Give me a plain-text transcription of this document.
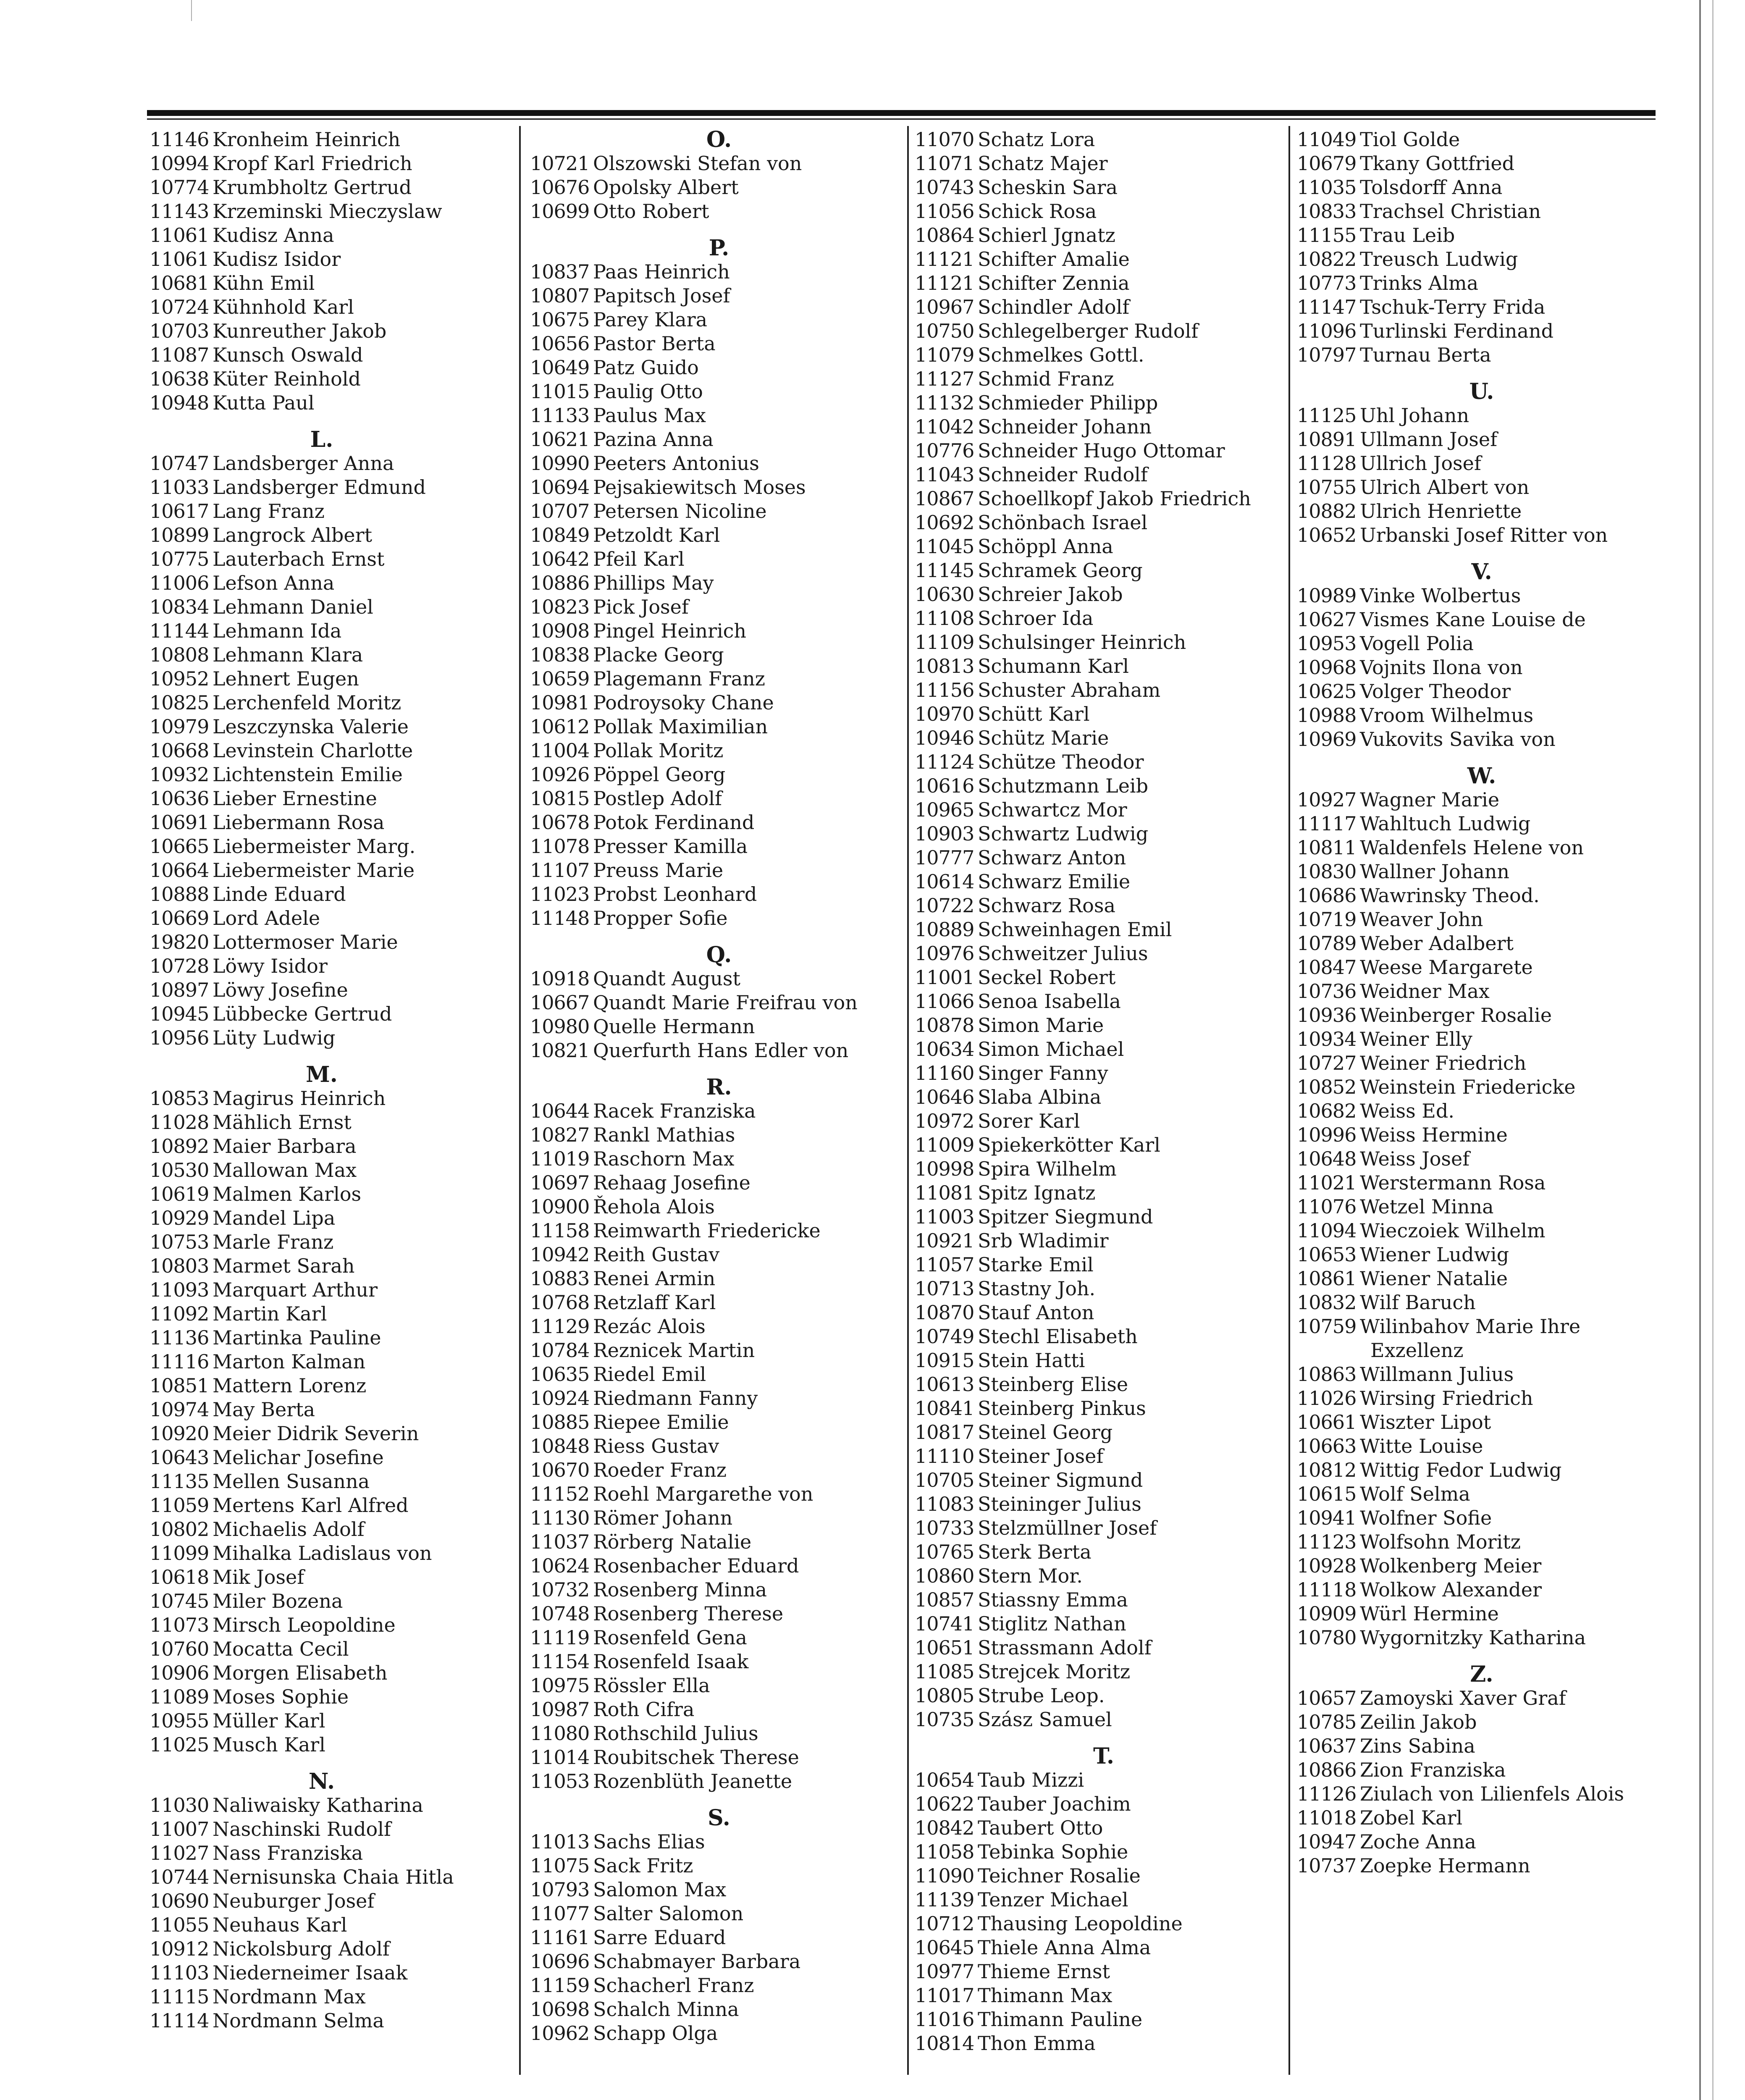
11146 Kronheim Heinrich
10994 Kropf Karl Friedrich
10774 Krumbholtz Gertrud
11143 Krzeminski Mieczyslaw
11061 Kudisz Anna
11061 Kudisz Isidor
10681 Kühn Emil
10724 Kühnhold Karl
10703 Kunreuther Jakob
11087 Kunsch Oswald
10638 Küter Reinhold
10948 Kutta Paul
L.
10747 Landsberger Anna
11033 Landsberger Edmund
10617 Lang Franz
10899 Langrock Albert
10775 Lauterbach Ernst
11006 Lefson Anna
10834 Lehmann Daniel
11144 Lehmann Ida
10808 Lehmann Klara
10952 Lehnert Eugen
10825 Lerchenfeld Moritz
10979 Leszczynska Valerie
10668 Levinstein Charlotte
10932 Lichtenstein Emilie
10636 Lieber Ernestine
10691 Liebermann Rosa
10665 Liebermeister Marg.
10664 Liebermeister Marie
10888 Linde Eduard
10669 Lord Adele
19820 Lottermoser Marie
10728 Löwy Isidor
10897 Löwy Josefine
10945 Lübbecke Gertrud
10956 Lüty Ludwig
M.
10853 Magirus Heinrich
11028 Mählich Ernst
10892 Maier Barbara
10530 Mallowan Max
10619 Malmen Karlos
10929 Mandel Lipa
10753 Marle Franz
10803 Marmet Sarah
11093 Marquart Arthur
11092 Martin Karl
11136 Martinka Pauline
11116 Marton Kalman
10851 Mattern Lorenz
10974 May Berta
10920 Meier Didrik Severin
10643 Melichar Josefine
11135 Mellen Susanna
11059 Mertens Karl Alfred
10802 Michaelis Adolf
11099 Mihalka Ladislaus von
10618 Mik Josef
10745 Miler Bozena
11073 Mirsch Leopoldine
10760 Mocatta Cecil
10906 Morgen Elisabeth
11089 Moses Sophie
10955 Müller Karl
11025 Musch Karl
N.
11030 Naliwaisky Katharina
11007 Naschinski Rudolf
11027 Nass Franziska
10744 Nernisunska Chaia Hitla
10690 Neuburger Josef
11055 Neuhaus Karl
10912 Nickolsburg Adolf
11103 Niederneimer Isaak
11115 Nordmann Max
11114 Nordmann Selma
O.
10721 Olszowski Stefan von
10676 Opolsky Albert
10699 Otto Robert
P.
10837 Paas Heinrich
10807 Papitsch Josef
10675 Parey Klara
10656 Pastor Berta
10649 Patz Guido
11015 Paulig Otto
11133 Paulus Max
10621 Pazina Anna
10990 Peeters Antonius
10694 Pejsakiewitsch Moses
10707 Petersen Nicoline
10849 Petzoldt Karl
10642 Pfeil Karl
10886 Phillips May
10823 Pick Josef
10908 Pingel Heinrich
10838 Placke Georg
10659 Plagemann Franz
10981 Podroysoky Chane
10612 Pollak Maximilian
11004 Pollak Moritz
10926 Pöppel Georg
10815 Postlep Adolf
10678 Potok Ferdinand
11078 Presser Kamilla
11107 Preuss Marie
11023 Probst Leonhard
11148 Propper Sofie
Q.
10918 Quandt August
10667 Quandt Marie Freifrau von
10980 Quelle Hermann
10821 Querfurth Hans Edler von
R.
10644 Racek Franziska
10827 Rankl Mathias
11019 Raschorn Max
10697 Rehaag Josefine
10900 Řehola Alois
11158 Reimwarth Friedericke
10942 Reith Gustav
10883 Renei Armin
10768 Retzlaff Karl
11129 Rezác Alois
10784 Reznicek Martin
10635 Riedel Emil
10924 Riedmann Fanny
10885 Riepee Emilie
10848 Riess Gustav
10670 Roeder Franz
11152 Roehl Margarethe von
11130 Römer Johann
11037 Rörberg Natalie
10624 Rosenbacher Eduard
10732 Rosenberg Minna
10748 Rosenberg Therese
11119 Rosenfeld Gena
11154 Rosenfeld Isaak
10975 Rössler Ella
10987 Roth Cifra
11080 Rothschild Julius
11014 Roubitschek Therese
11053 Rozenblüth Jeanette
S.
11013 Sachs Elias
11075 Sack Fritz
10793 Salomon Max
11077 Salter Salomon
11161 Sarre Eduard
10696 Schabmayer Barbara
11159 Schacherl Franz
10698 Schalch Minna
10962 Schapp Olga
11070 Schatz Lora
11071 Schatz Majer
10743 Scheskin Sara
11056 Schick Rosa
10864 Schierl Jgnatz
11121 Schifter Amalie
11121 Schifter Zennia
10967 Schindler Adolf
10750 Schlegelberger Rudolf
11079 Schmelkes Gottl.
11127 Schmid Franz
11132 Schmieder Philipp
11042 Schneider Johann
10776 Schneider Hugo Ottomar
11043 Schneider Rudolf
10867 Schoellkopf Jakob Friedrich
10692 Schönbach Israel
11045 Schöppl Anna
11145 Schramek Georg
10630 Schreier Jakob
11108 Schroer Ida
11109 Schulsinger Heinrich
10813 Schumann Karl
11156 Schuster Abraham
10970 Schütt Karl
10946 Schütz Marie
11124 Schütze Theodor
10616 Schutzmann Leib
10965 Schwartcz Mor
10903 Schwartz Ludwig
10777 Schwarz Anton
10614 Schwarz Emilie
10722 Schwarz Rosa
10889 Schweinhagen Emil
10976 Schweitzer Julius
11001 Seckel Robert
11066 Senoa Isabella
10878 Simon Marie
10634 Simon Michael
11160 Singer Fanny
10646 Slaba Albina
10972 Sorer Karl
11009 Spiekerkötter Karl
10998 Spira Wilhelm
11081 Spitz Ignatz
11003 Spitzer Siegmund
10921 Srb Wladimir
11057 Starke Emil
10713 Stastny Joh.
10870 Stauf Anton
10749 Stechl Elisabeth
10915 Stein Hatti
10613 Steinberg Elise
10841 Steinberg Pinkus
10817 Steinel Georg
11110 Steiner Josef
10705 Steiner Sigmund
11083 Steininger Julius
10733 Stelzmüllner Josef
10765 Sterk Berta
10860 Stern Mor.
10857 Stiassny Emma
10741 Stiglitz Nathan
10651 Strassmann Adolf
11085 Strejcek Moritz
10805 Strube Leop.
10735 Szász Samuel
T.
10654 Taub Mizzi
10622 Tauber Joachim
10842 Taubert Otto
11058 Tebinka Sophie
11090 Teichner Rosalie
11139 Tenzer Michael
10712 Thausing Leopoldine
10645 Thiele Anna Alma
10977 Thieme Ernst
11017 Thimann Max
11016 Thimann Pauline
10814 Thon Emma
11049 Tiol Golde
10679 Tkany Gottfried
11035 Tolsdorff Anna
10833 Trachsel Christian
11155 Trau Leib
10822 Treusch Ludwig
10773 Trinks Alma
11147 Tschuk-Terry Frida
11096 Turlinski Ferdinand
10797 Turnau Berta
U.
11125 Uhl Johann
10891 Ullmann Josef
11128 Ullrich Josef
10755 Ulrich Albert von
10882 Ulrich Henriette
10652 Urbanski Josef Ritter von
V.
10989 Vinke Wolbertus
10627 Vismes Kane Louise de
10953 Vogell Polia
10968 Vojnits Ilona von
10625 Volger Theodor
10988 Vroom Wilhelmus
10969 Vukovits Savika von
W.
10927 Wagner Marie
11117 Wahltuch Ludwig
10811 Waldenfels Helene von
10830 Wallner Johann
10686 Wawrinsky Theod.
10719 Weaver John
10789 Weber Adalbert
10847 Weese Margarete
10736 Weidner Max
10936 Weinberger Rosalie
10934 Weiner Elly
10727 Weiner Friedrich
10852 Weinstein Friedericke
10682 Weiss Ed.
10996 Weiss Hermine
10648 Weiss Josef
11021 Werstermann Rosa
11076 Wetzel Minna
11094 Wieczoiek Wilhelm
10653 Wiener Ludwig
10861 Wiener Natalie
10832 Wilf Baruch
10759 Wilinbahov Marie Ihre
Exzellenz
10863 Willmann Julius
11026 Wirsing Friedrich
10661 Wiszter Lipot
10663 Witte Louise
10812 Wittig Fedor Ludwig
10615 Wolf Selma
10941 Wolfner Sofie
11123 Wolfsohn Moritz
10928 Wolkenberg Meier
11118 Wolkow Alexander
10909 Würl Hermine
10780 Wygornitzky Katharina
Z.
10657 Zamoyski Xaver Graf
10785 Zeilin Jakob
10637 Zins Sabina
10866 Zion Franziska
11126 Ziulach von Lilienfels Alois
11018 Zobel Karl
10947 Zoche Anna
10737 Zoepke Hermann
